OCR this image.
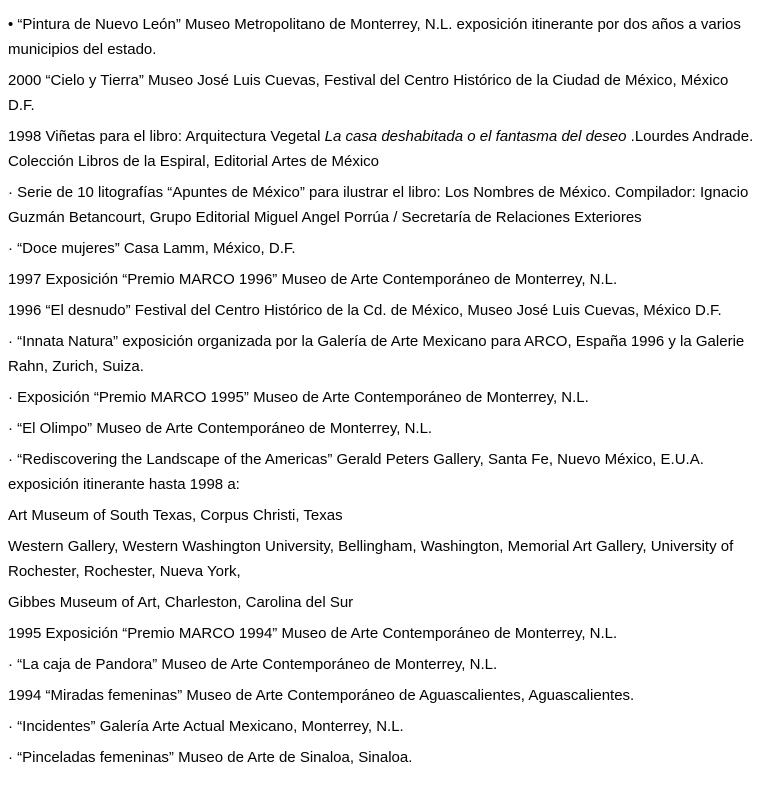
• “Pintura de Nuevo León” Museo Metropolitano de Monterrey, N.L. exposición itinerante por dos años a varios municipios del estado.

2000 “Cielo y Tierra” Museo José Luis Cuevas, Festival del Centro Histórico de la Ciudad de México, México D.F.

1998 Viñetas para el libro: Arquitectura Vegetal La casa deshabitada o el fantasma del deseo .Lourdes Andrade. Colección Libros de la Espiral, Editorial Artes de México

· Serie de 10 litografías “Apuntes de México” para ilustrar el libro: Los Nombres de México. Compilador: Ignacio Guzmán Betancourt, Grupo Editorial Miguel Angel Porrúa / Secretaría de Relaciones Exteriores

· “Doce mujeres” Casa Lamm, México, D.F.

1997 Exposición “Premio MARCO 1996” Museo de Arte Contemporáneo de Monterrey, N.L.

1996 “El desnudo” Festival del Centro Histórico de la Cd. de México, Museo José Luis Cuevas, México D.F.

· “Innata Natura” exposición organizada por la Galería de Arte Mexicano para ARCO, España 1996 y la Galerie Rahn, Zurich, Suiza.

· Exposición “Premio MARCO 1995” Museo de Arte Contemporáneo de Monterrey, N.L.

· “El Olimpo” Museo de Arte Contemporáneo de Monterrey, N.L.

· “Rediscovering the Landscape of the Americas” Gerald Peters Gallery, Santa Fe, Nuevo México, E.U.A. exposición itinerante hasta 1998 a:

Art Museum of South Texas, Corpus Christi, Texas

Western Gallery, Western Washington University, Bellingham, Washington, Memorial Art Gallery, University of Rochester, Rochester, Nueva York,

Gibbes Museum of Art, Charleston, Carolina del Sur

1995 Exposición “Premio MARCO 1994” Museo de Arte Contemporáneo de Monterrey, N.L.

· “La caja de Pandora” Museo de Arte Contemporáneo de Monterrey, N.L.

1994 “Miradas femeninas” Museo de Arte Contemporáneo de Aguascalientes, Aguascalientes.

· “Incidentes” Galería Arte Actual Mexicano, Monterrey, N.L.

· “Pinceladas femeninas” Museo de Arte de Sinaloa, Sinaloa.
